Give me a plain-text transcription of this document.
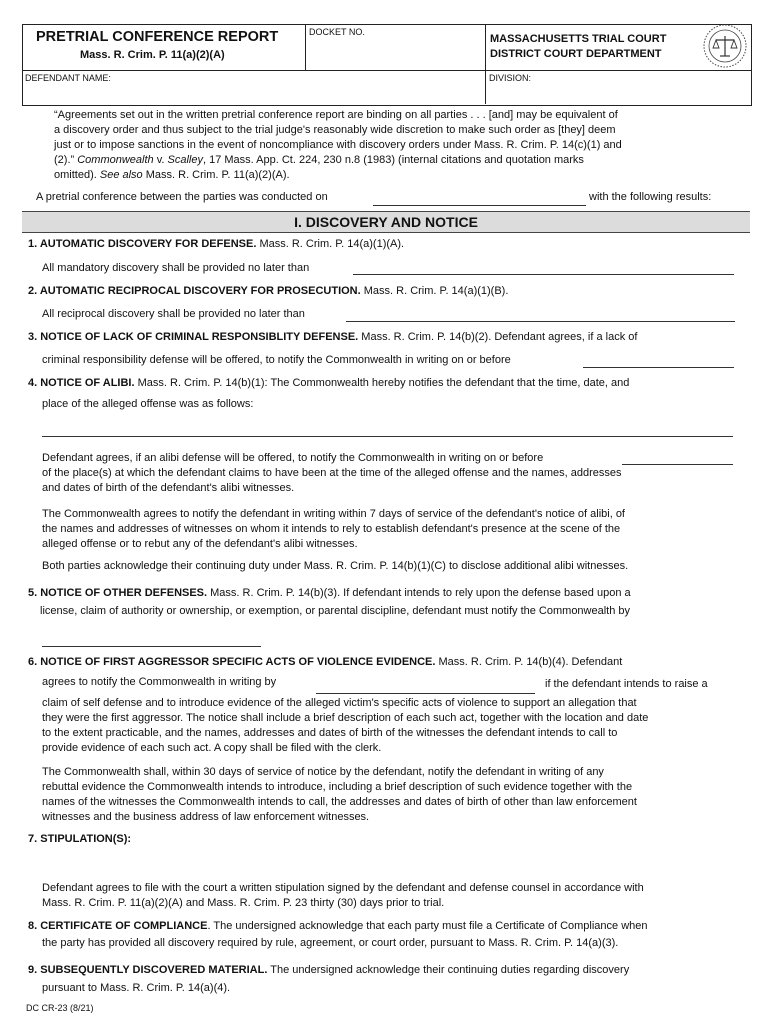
PRETRIAL CONFERENCE REPORT
Mass. R. Crim. P. 11(a)(2)(A)
DOCKET NO.
MASSACHUSETTS TRIAL COURT
DISTRICT COURT DEPARTMENT
DEFENDANT NAME:	DIVISION:

“Agreements set out in the written pretrial conference report are binding on all parties . . . [and] may be equivalent of

a discovery order and thus subject to the trial judge's reasonably wide discretion to make such order as [they] deem

just or to impose sanctions in the event of noncompliance with discovery orders under Mass. R. Crim. P. 14(c)(1) and

(2).” Commonwealth v. Scalley, 17 Mass. App. Ct. 224, 230 n.8 (1983) (internal citations and quotation marks

omitted). See also Mass. R. Crim. P. 11(a)(2)(A).

A pretrial conference between the parties was conducted on	with the following results:
I. DISCOVERY AND NOTICE
1. AUTOMATIC DISCOVERY FOR DEFENSE. Mass. R. Crim. P. 14(a)(1)(A).
All mandatory discovery shall be provided no later than
2. AUTOMATIC RECIPROCAL DISCOVERY FOR PROSECUTION. Mass. R. Crim. P. 14(a)(1)(B).
All reciprocal discovery shall be provided no later than
3. NOTICE OF LACK OF CRIMINAL RESPONSIBLITY DEFENSE. Mass. R. Crim. P. 14(b)(2). Defendant agrees, if a lack of
criminal responsibility defense will be offered, to notify the Commonwealth in writing on or before
4. NOTICE OF ALIBI. Mass. R. Crim. P. 14(b)(1): The Commonwealth hereby notifies the defendant that the time, date, and
place of the alleged offense was as follows:

Defendant agrees, if an alibi defense will be offered, to notify the Commonwealth in writing on or before

of the place(s) at which the defendant claims to have been at the time of the alleged offense and the names, addresses

and dates of birth of the defendant's alibi witnesses.

The Commonwealth agrees to notify the defendant in writing within 7 days of service of the defendant's notice of alibi, of

the names and addresses of witnesses on whom it intends to rely to establish defendant's presence at the scene of the

alleged offense or to rebut any of the defendant's alibi witnesses.

Both parties acknowledge their continuing duty under Mass. R. Crim. P. 14(b)(1)(C) to disclose additional alibi witnesses.
5. NOTICE OF OTHER DEFENSES. Mass. R. Crim. P. 14(b)(3). If defendant intends to rely upon the defense based upon a
license, claim of authority or ownership, or exemption, or parental discipline, defendant must notify the Commonwealth by
6. NOTICE OF FIRST AGGRESSOR SPECIFIC ACTS OF VIOLENCE EVIDENCE. Mass. R. Crim. P. 14(b)(4). Defendant
agrees to notify the Commonwealth in writing by	if the defendant intends to raise a

claim of self defense and to introduce evidence of the alleged victim's specific acts of violence to support an allegation that

they were the first aggressor. The notice shall include a brief description of each such act, together with the location and date

to the extent practicable, and the names, addresses and dates of birth of the witnesses the defendant intends to call to

provide evidence of each such act. A copy shall be filed with the clerk.

The Commonwealth shall, within 30 days of service of notice by the defendant, notify the defendant in writing of any

rebuttal evidence the Commonwealth intends to introduce, including a brief description of such evidence together with the

names of the witnesses the Commonwealth intends to call, the addresses and dates of birth of other than law enforcement

witnesses and the business address of law enforcement witnesses.

7. STIPULATION(S):

Defendant agrees to file with the court a written stipulation signed by the defendant and defense counsel in accordance with

Mass. R. Crim. P. 11(a)(2)(A) and Mass. R. Crim. P. 23 thirty (30) days prior to trial.

8. CERTIFICATE OF COMPLIANCE. The undersigned acknowledge that each party must file a Certificate of Compliance when
the party has provided all discovery required by rule, agreement, or court order, pursuant to Mass. R. Crim. P. 14(a)(3).
9. SUBSEQUENTLY DISCOVERED MATERIAL. The undersigned acknowledge their continuing duties regarding discovery
pursuant to Mass. R. Crim. P. 14(a)(4).
DC CR-23 (8/21)
